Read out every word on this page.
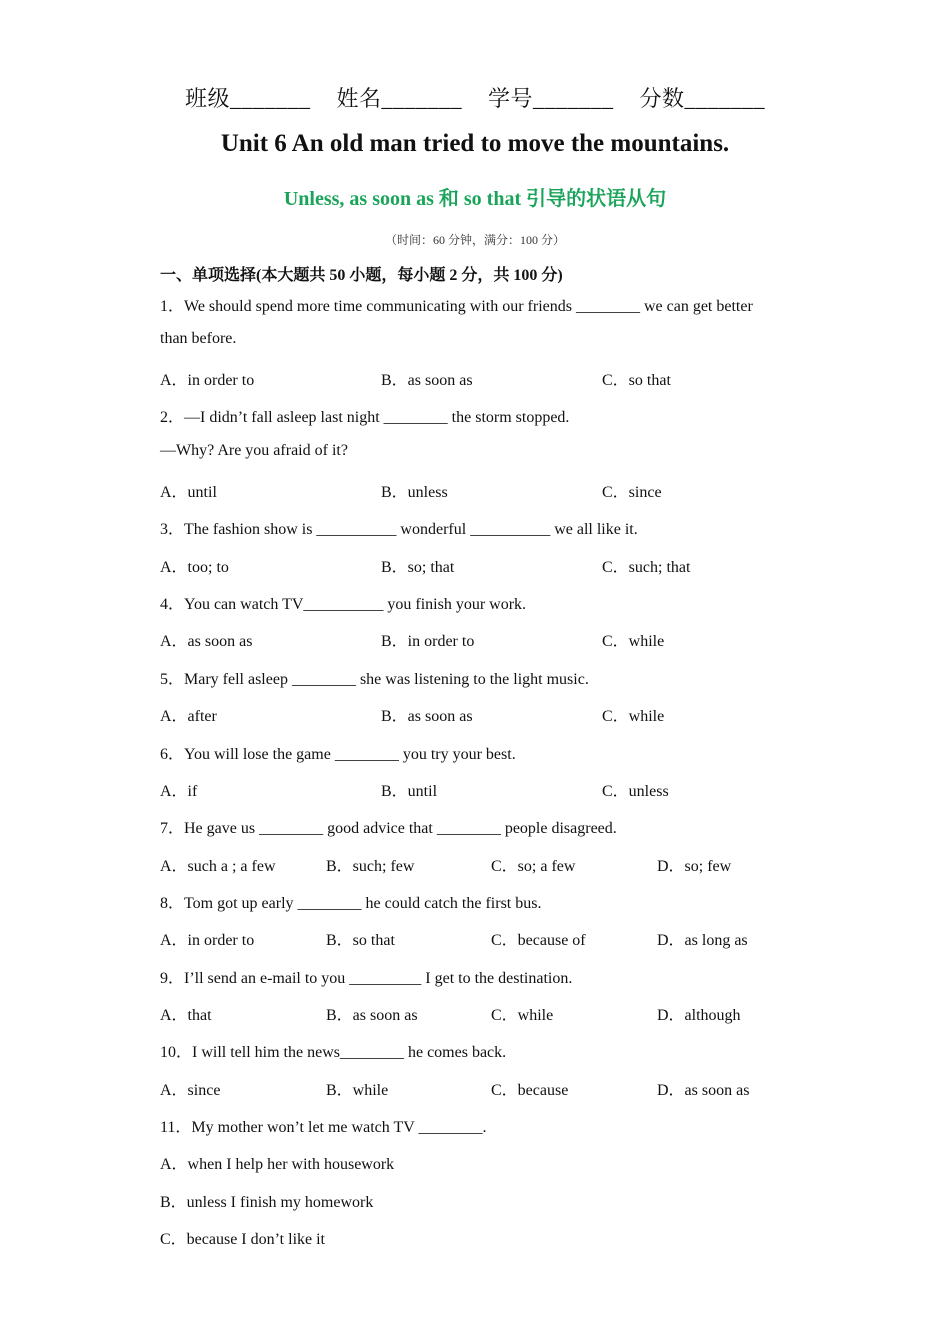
班级_______ 姓名_______ 学号_______ 分数_______
Unit 6 An old man tried to move the mountains.
Unless, as soon as 和 so that 引导的状语从句
（时间：60 分钟，满分：100 分）
一、单项选择(本大题共 50 小题，每小题 2 分，共 100 分)
1．We should spend more time communicating with our friends ________ we can get better
than before.
A．in order to	B．as soon as	C．so that
2．—I didn’t fall asleep last night ________ the storm stopped.
—Why? Are you afraid of it?
A．until	B．unless	C．since
3．The fashion show is __________ wonderful __________ we all like it.
A．too; to	B．so; that	C．such; that
4．You can watch TV__________ you finish your work.
A．as soon as	B．in order to	C．while
5．Mary fell asleep ________ she was listening to the light music.
A．after	B．as soon as	C．while
6．You will lose the game ________ you try your best.
A．if	B．until	C．unless
7．He gave us ________ good advice that ________ people disagreed.
A．such a ; a few	B．such; few	C．so; a few	D．so; few
8．Tom got up early ________ he could catch the first bus.
A．in order to	B．so that	C．because of	D．as long as
9．I’ll send an e-mail to you _________ I get to the destination.
A．that	B．as soon as	C．while	D．although
10．I will tell him the news________ he comes back.
A．since	B．while	C．because	D．as soon as
11．My mother won’t let me watch TV ________.
A．when I help her with housework
B．unless I finish my homework
C．because I don’t like it
